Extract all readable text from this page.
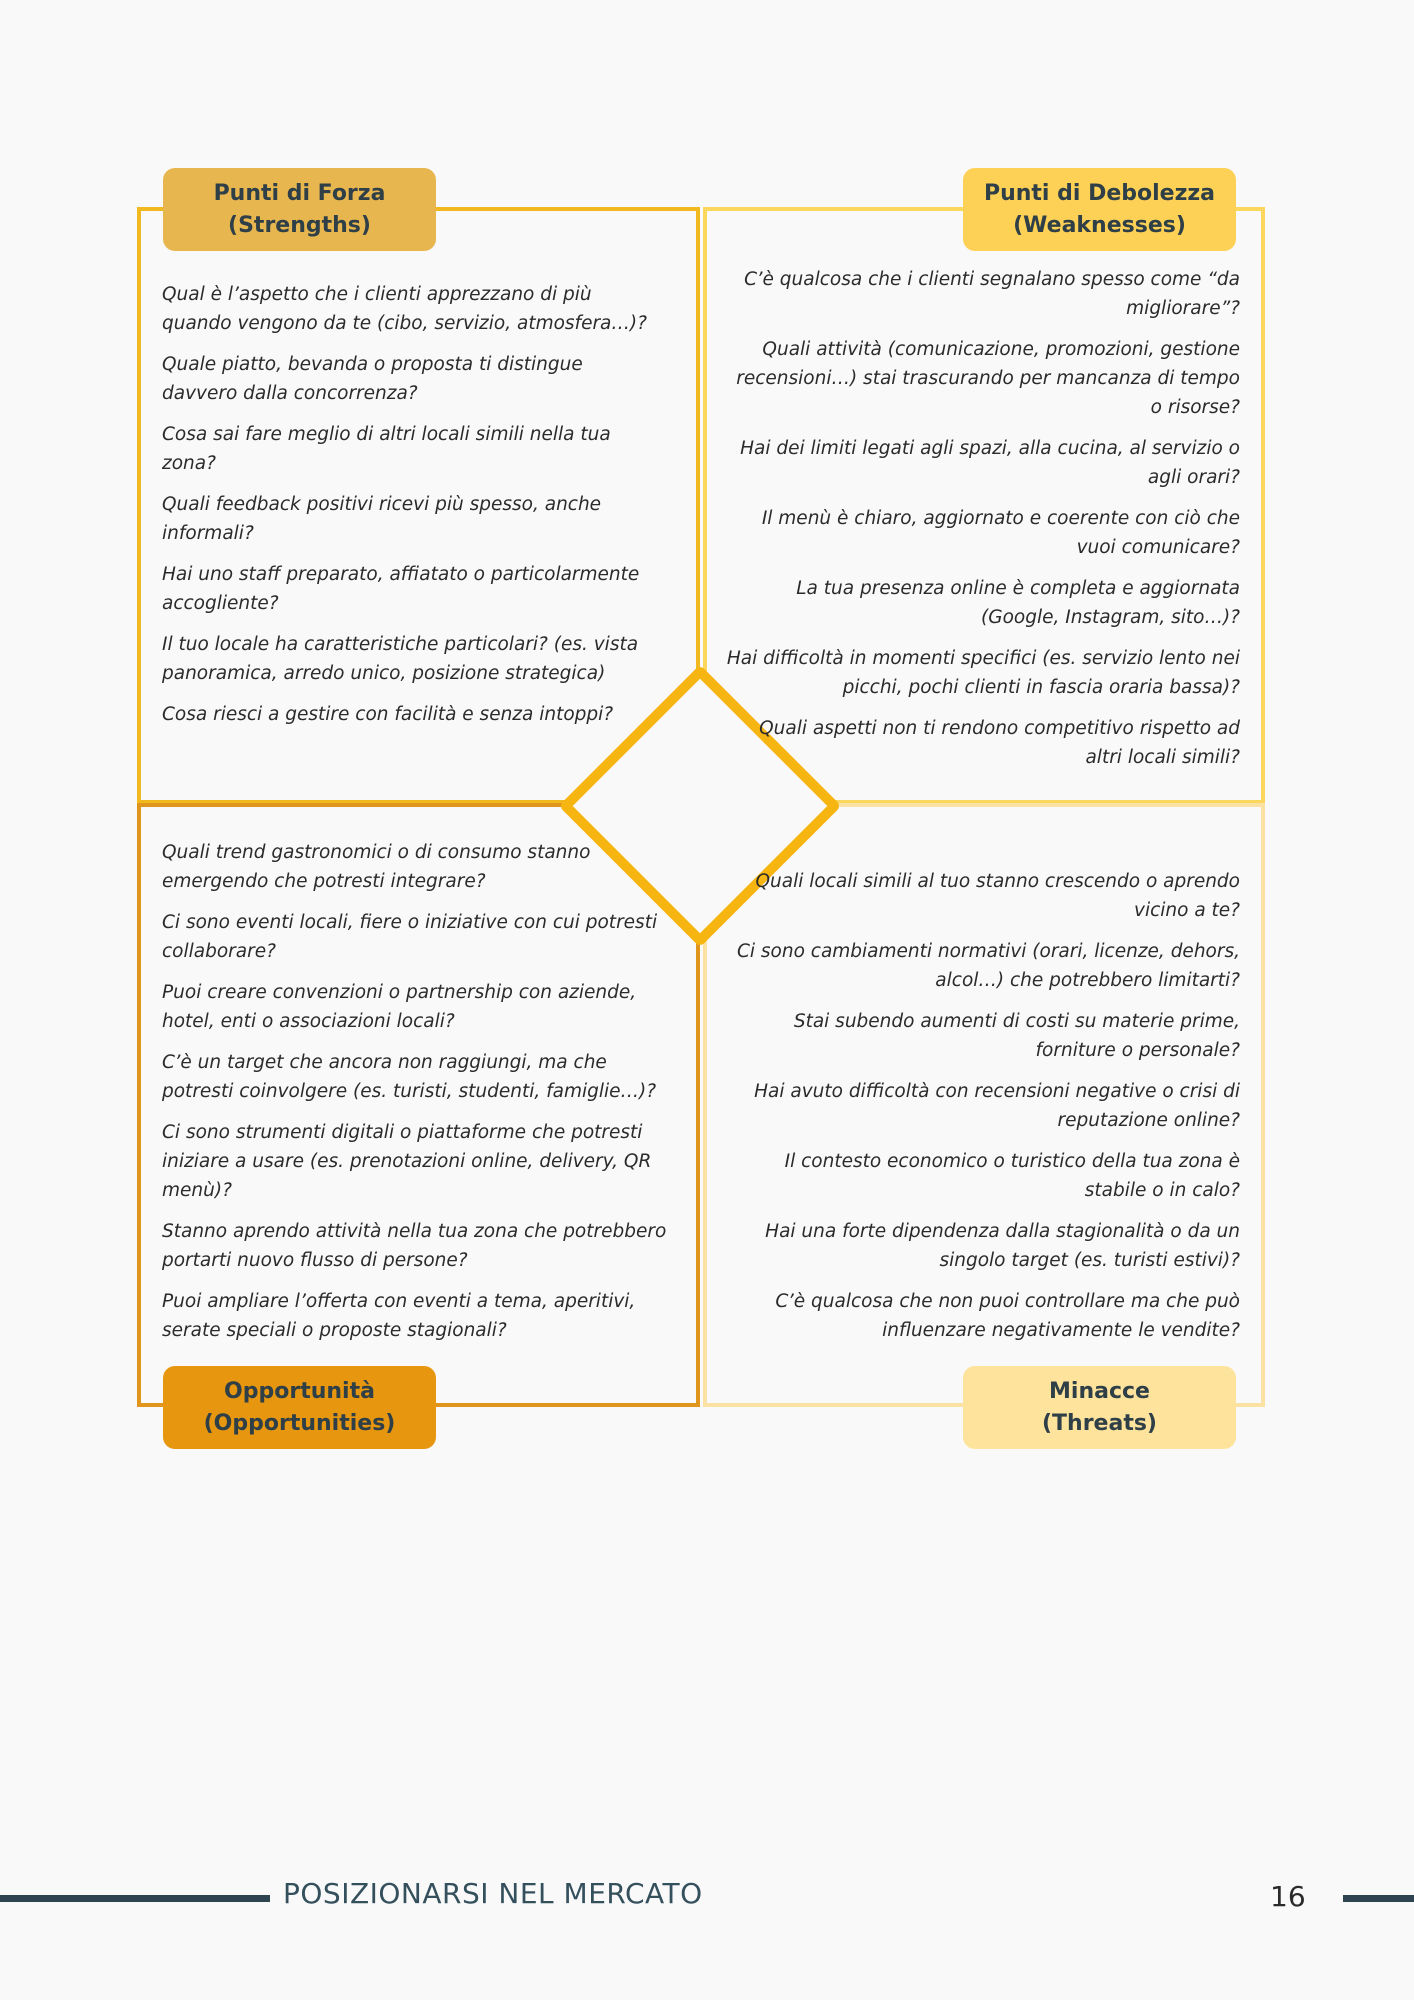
Punti di Forza
(Strengths)
Punti di Debolezza
(Weaknesses)
Opportunità
(Opportunities)
Minacce
(Threats)
Qual è l’aspetto che i clienti apprezzano di più quando vengono da te (cibo, servizio, atmosfera…)?
Quale piatto, bevanda o proposta ti distingue davvero dalla concorrenza?
Cosa sai fare meglio di altri locali simili nella tua zona?
Quali feedback positivi ricevi più spesso, anche informali?
Hai uno staff preparato, affiatato o particolarmente accogliente?
Il tuo locale ha caratteristiche particolari? (es. vista panoramica, arredo unico, posizione strategica)
Cosa riesci a gestire con facilità e senza intoppi?
C’è qualcosa che i clienti segnalano spesso come “da migliorare”?
Quali attività (comunicazione, promozioni, gestione recensioni…) stai trascurando per mancanza di tempo o risorse?
Hai dei limiti legati agli spazi, alla cucina, al servizio o agli orari?
Il menù è chiaro, aggiornato e coerente con ciò che vuoi comunicare?
La tua presenza online è completa e aggiornata (Google, Instagram, sito…)?
Hai difficoltà in momenti specifici (es. servizio lento nei picchi, pochi clienti in fascia oraria bassa)?
Quali aspetti non ti rendono competitivo rispetto ad altri locali simili?
Quali trend gastronomici o di consumo stanno emergendo che potresti integrare?
Ci sono eventi locali, fiere o iniziative con cui potresti collaborare?
Puoi creare convenzioni o partnership con aziende, hotel, enti o associazioni locali?
C’è un target che ancora non raggiungi, ma che potresti coinvolgere (es. turisti, studenti, famiglie…)?
Ci sono strumenti digitali o piattaforme che potresti iniziare a usare (es. prenotazioni online, delivery, QR menù)?
Stanno aprendo attività nella tua zona che potrebbero portarti nuovo flusso di persone?
Puoi ampliare l’offerta con eventi a tema, aperitivi, serate speciali o proposte stagionali?
Quali locali simili al tuo stanno crescendo o aprendo vicino a te?
Ci sono cambiamenti normativi (orari, licenze, dehors, alcol…) che potrebbero limitarti?
Stai subendo aumenti di costi su materie prime, forniture o personale?
Hai avuto difficoltà con recensioni negative o crisi di reputazione online?
Il contesto economico o turistico della tua zona è stabile o in calo?
Hai una forte dipendenza dalla stagionalità o da un singolo target (es. turisti estivi)?
C’è qualcosa che non puoi controllare ma che può influenzare negativamente le vendite?
POSIZIONARSI NEL MERCATO	16
